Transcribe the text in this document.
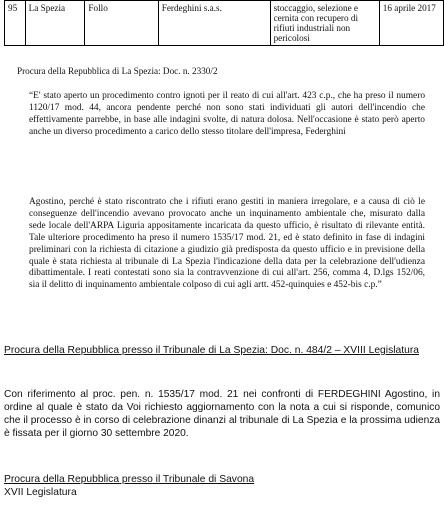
95	La Spezia	Follo	Ferdeghini s.a.s.	stoccaggio, selezione e cernita con recupero di rifiuti industriali non pericolosi	16 aprile 2017
Procura della Repubblica di La Spezia: Doc. n. 2330/2
“E' stato aperto un procedimento contro ignoti per il reato di cui all'art. 423 c.p., che ha preso il numero 1120/17 mod. 44, ancora pendente perché non sono stati individuati gli autori dell'incendio che effettivamente parrebbe, in base alle indagini svolte, di natura dolosa. Nell'occasione è stato però aperto anche un diverso procedimento a carico dello stesso titolare dell'impresa, Federghini
Agostino, perché è stato riscontrato che i rifiuti erano gestiti in maniera irregolare, e a causa di ciò le conseguenze dell'incendio avevano provocato anche un inquinamento ambientale che, misurato dalla sede locale dell'ARPA Liguria appositamente incaricata da questo ufficio, è risultato di rilevante entità. Tale ulteriore procedimento ha preso il numero 1535/17 mod. 21, ed è stato definito in fase di indagini preliminari con la richiesta di citazione a giudizio già predisposta da questo ufficio e in previsione della quale è stata richiesta al tribunale di La Spezia l'indicazione della data per la celebrazione dell'udienza dibattimentale. I reati contestati sono sia la contravvenzione di cui all'art. 256, comma 4, D.lgs 152/06, sia il delitto di inquinamento ambientale colposo di cui agli artt. 452-quinquies e 452-bis c.p.”
Procura della Repubblica presso il Tribunale di La Spezia: Doc. n. 484/2 – XVIII Legislatura
Con riferimento al proc. pen. n. 1535/17 mod. 21 nei confronti di FERDEGHINI Agostino, in ordine al quale è stato da Voi richiesto aggiornamento con la nota a cui si risponde, comunico che il processo è in corso di celebrazione dinanzi al tribunale di La Spezia e la prossima udienza è fissata per il giorno 30 settembre 2020.
Procura della Repubblica presso il Tribunale di Savona
XVII Legislatura
